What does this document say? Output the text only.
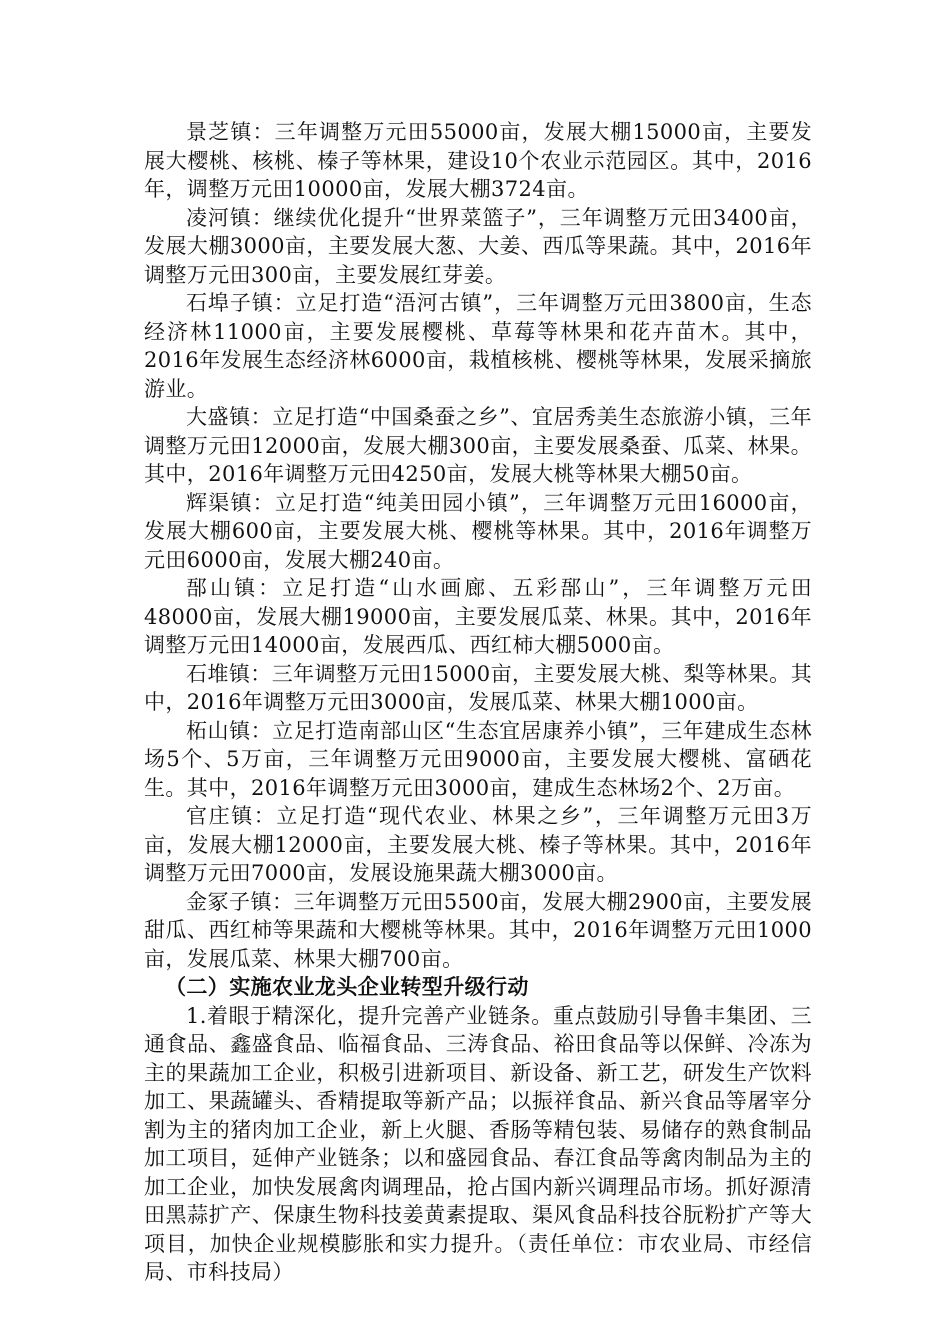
景芝镇：三年调整万元田55000亩，发展大棚15000亩，主要发展大樱桃、核桃、榛子等林果，建设10个农业示范园区。其中，2016年，调整万元田10000亩，发展大棚3724亩。

凌河镇：继续优化提升“世界菜篮子”，三年调整万元田3400亩，发展大棚3000亩，主要发展大葱、大姜、西瓜等果蔬。其中，2016年调整万元田300亩，主要发展红芽姜。

石埠子镇：立足打造“浯河古镇”，三年调整万元田3800亩，生态经济林11000亩，主要发展樱桃、草莓等林果和花卉苗木。其中，2016年发展生态经济林6000亩，栽植核桃、樱桃等林果，发展采摘旅游业。

大盛镇：立足打造“中国桑蚕之乡”、宜居秀美生态旅游小镇，三年调整万元田12000亩，发展大棚300亩，主要发展桑蚕、瓜菜、林果。其中，2016年调整万元田4250亩，发展大桃等林果大棚50亩。

辉渠镇：立足打造“纯美田园小镇”，三年调整万元田16000亩，发展大棚600亩，主要发展大桃、樱桃等林果。其中，2016年调整万元田6000亩，发展大棚240亩。

郚山镇：立足打造“山水画廊、五彩郚山”，三年调整万元田48000亩，发展大棚19000亩，主要发展瓜菜、林果。其中，2016年调整万元田14000亩，发展西瓜、西红柿大棚5000亩。

石堆镇：三年调整万元田15000亩，主要发展大桃、梨等林果。其中，2016年调整万元田3000亩，发展瓜菜、林果大棚1000亩。

柘山镇：立足打造南部山区“生态宜居康养小镇”，三年建成生态林场5个、5万亩，三年调整万元田9000亩，主要发展大樱桃、富硒花生。其中，2016年调整万元田3000亩，建成生态林场2个、2万亩。

官庄镇：立足打造“现代农业、林果之乡”，三年调整万元田3万亩，发展大棚12000亩，主要发展大桃、榛子等林果。其中，2016年调整万元田7000亩，发展设施果蔬大棚3000亩。

金冢子镇：三年调整万元田5500亩，发展大棚2900亩，主要发展甜瓜、西红柿等果蔬和大樱桃等林果。其中，2016年调整万元田1000亩，发展瓜菜、林果大棚700亩。

（二）实施农业龙头企业转型升级行动

1.着眼于精深化，提升完善产业链条。重点鼓励引导鲁丰集团、三通食品、鑫盛食品、临福食品、三涛食品、裕田食品等以保鲜、冷冻为主的果蔬加工企业，积极引进新项目、新设备、新工艺，研发生产饮料加工、果蔬罐头、香精提取等新产品；以振祥食品、新兴食品等屠宰分割为主的猪肉加工企业，新上火腿、香肠等精包装、易储存的熟食制品加工项目，延伸产业链条；以和盛园食品、春江食品等禽肉制品为主的加工企业，加快发展禽肉调理品，抢占国内新兴调理品市场。抓好源清田黑蒜扩产、保康生物科技姜黄素提取、渠风食品科技谷朊粉扩产等大项目，加快企业规模膨胀和实力提升。（责任单位：市农业局、市经信局、市科技局）
